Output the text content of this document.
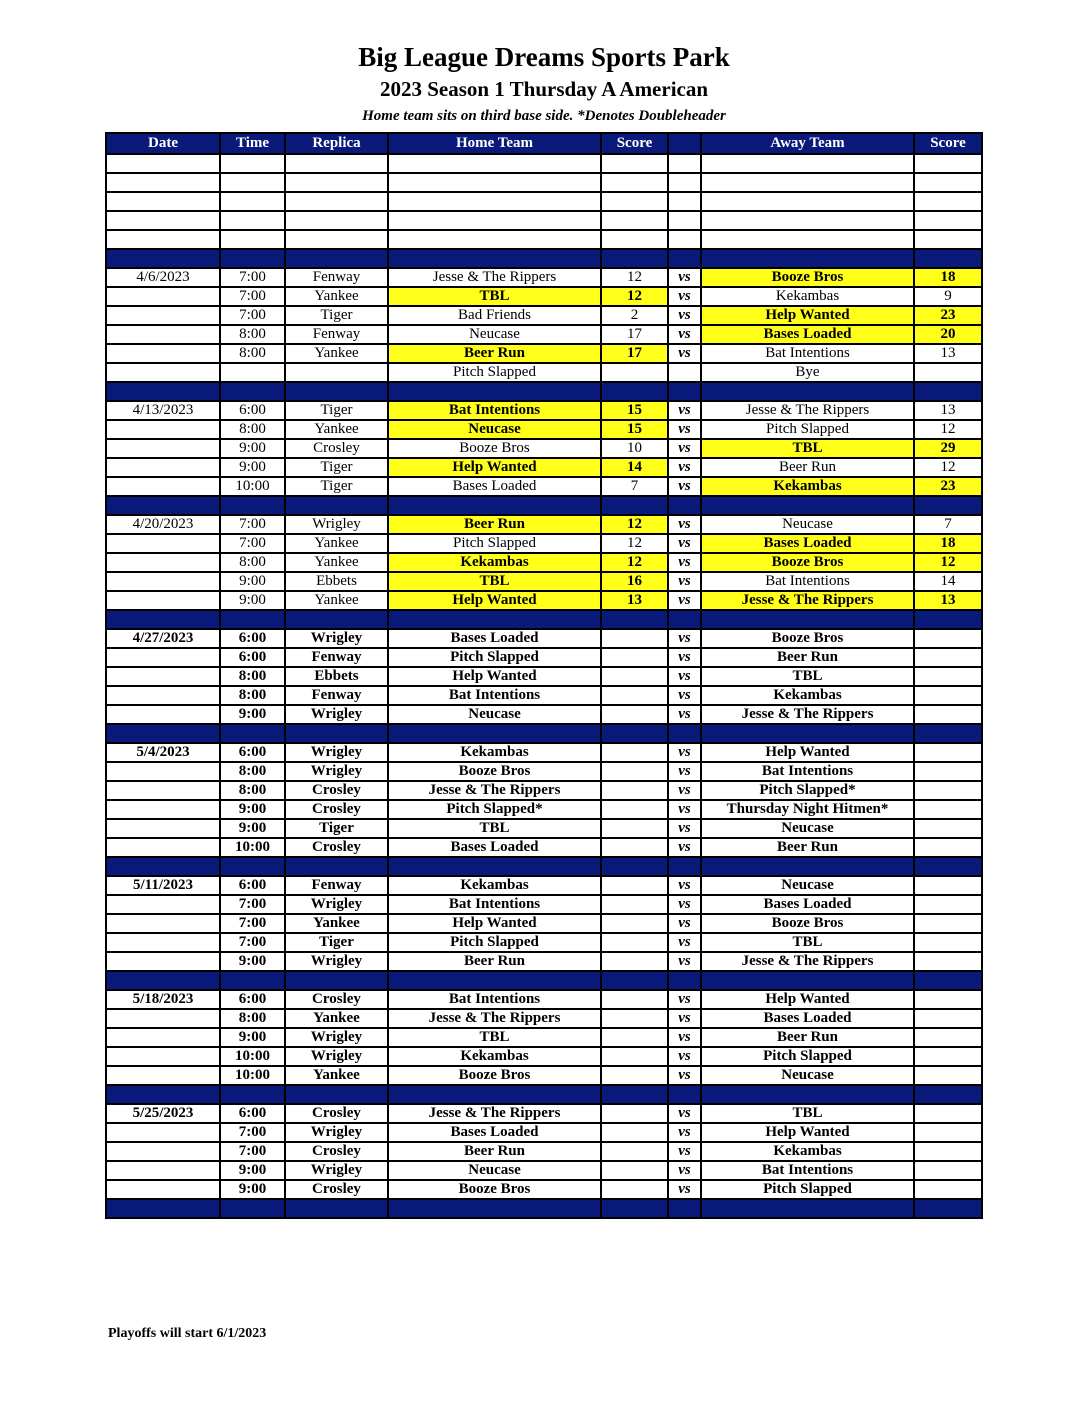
Big League Dreams Sports Park
2023 Season 1 Thursday A American
Home team sits on third base side. *Denotes Doubleheader
Date	Time	Replica	Home Team	Score		Away Team	Score

4/6/2023	7:00	Fenway	Jesse & The Rippers	12	vs	Booze Bros	18
	7:00	Yankee	TBL	12	vs	Kekambas	9
	7:00	Tiger	Bad Friends	2	vs	Help Wanted	23
	8:00	Fenway	Neucase	17	vs	Bases Loaded	20
	8:00	Yankee	Beer Run	17	vs	Bat Intentions	13
			Pitch Slapped			Bye	

4/13/2023	6:00	Tiger	Bat Intentions	15	vs	Jesse & The Rippers	13
	8:00	Yankee	Neucase	15	vs	Pitch Slapped	12
	9:00	Crosley	Booze Bros	10	vs	TBL	29
	9:00	Tiger	Help Wanted	14	vs	Beer Run	12
	10:00	Tiger	Bases Loaded	7	vs	Kekambas	23

4/20/2023	7:00	Wrigley	Beer Run	12	vs	Neucase	7
	7:00	Yankee	Pitch Slapped	12	vs	Bases Loaded	18
	8:00	Yankee	Kekambas	12	vs	Booze Bros	12
	9:00	Ebbets	TBL	16	vs	Bat Intentions	14
	9:00	Yankee	Help Wanted	13	vs	Jesse & The Rippers	13

4/27/2023	6:00	Wrigley	Bases Loaded		vs	Booze Bros	
	6:00	Fenway	Pitch Slapped		vs	Beer Run	
	8:00	Ebbets	Help Wanted		vs	TBL	
	8:00	Fenway	Bat Intentions		vs	Kekambas	
	9:00	Wrigley	Neucase		vs	Jesse & The Rippers	

5/4/2023	6:00	Wrigley	Kekambas		vs	Help Wanted	
	8:00	Wrigley	Booze Bros		vs	Bat Intentions	
	8:00	Crosley	Jesse & The Rippers		vs	Pitch Slapped*	
	9:00	Crosley	Pitch Slapped*		vs	Thursday Night Hitmen*	
	9:00	Tiger	TBL		vs	Neucase	
	10:00	Crosley	Bases Loaded		vs	Beer Run	

5/11/2023	6:00	Fenway	Kekambas		vs	Neucase	
	7:00	Wrigley	Bat Intentions		vs	Bases Loaded	
	7:00	Yankee	Help Wanted		vs	Booze Bros	
	7:00	Tiger	Pitch Slapped		vs	TBL	
	9:00	Wrigley	Beer Run		vs	Jesse & The Rippers	

5/18/2023	6:00	Crosley	Bat Intentions		vs	Help Wanted	
	8:00	Yankee	Jesse & The Rippers		vs	Bases Loaded	
	9:00	Wrigley	TBL		vs	Beer Run	
	10:00	Wrigley	Kekambas		vs	Pitch Slapped	
	10:00	Yankee	Booze Bros		vs	Neucase	

5/25/2023	6:00	Crosley	Jesse & The Rippers		vs	TBL	
	7:00	Wrigley	Bases Loaded		vs	Help Wanted	
	7:00	Crosley	Beer Run		vs	Kekambas	
	9:00	Wrigley	Neucase		vs	Bat Intentions	
	9:00	Crosley	Booze Bros		vs	Pitch Slapped	

Playoffs will start 6/1/2023
